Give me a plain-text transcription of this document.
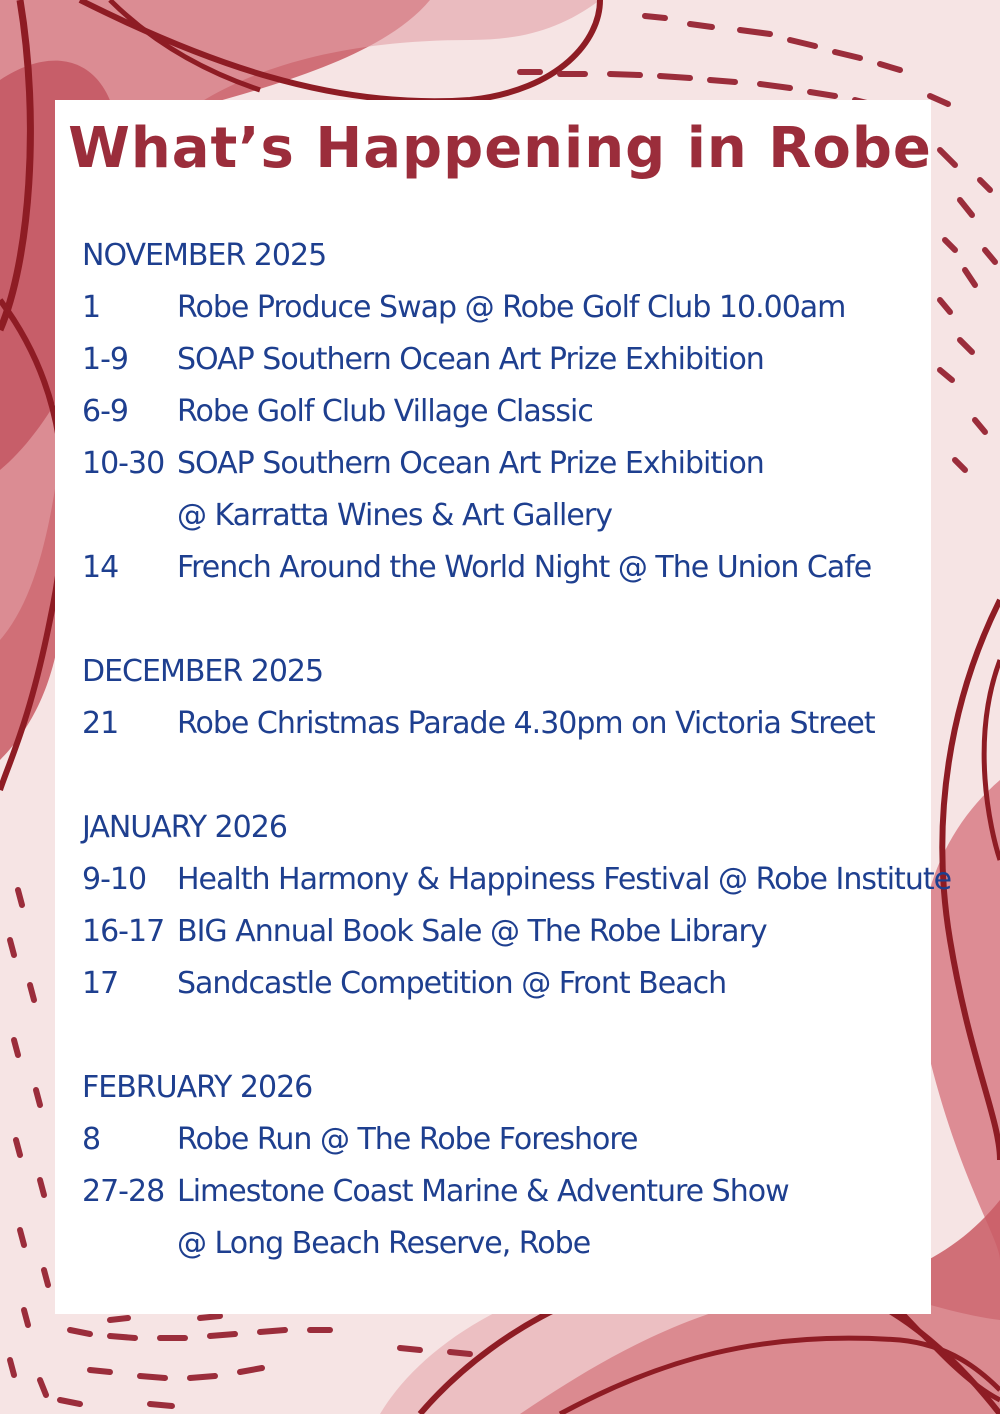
What’s Happening in Robe
NOVEMBER 2025
1	Robe Produce Swap @ Robe Golf Club 10.00am
1-9 SOAP Southern Ocean Art Prize Exhibition
6-9 Robe Golf Club Village Classic
10-30 SOAP Southern Ocean Art Prize Exhibition
@ Karratta Wines & Art Gallery
14 French Around the World Night @ The Union Cafe
DECEMBER 2025
21 Robe Christmas Parade 4.30pm on Victoria Street
JANUARY 2026
9-10 Health Harmony & Happiness Festival @ Robe Institute
16-17 BIG Annual Book Sale @ The Robe Library
17 Sandcastle Competition @ Front Beach
FEBRUARY 2026
8	Robe Run @ The Robe Foreshore
27-28 Limestone Coast Marine & Adventure Show
@ Long Beach Reserve, Robe
